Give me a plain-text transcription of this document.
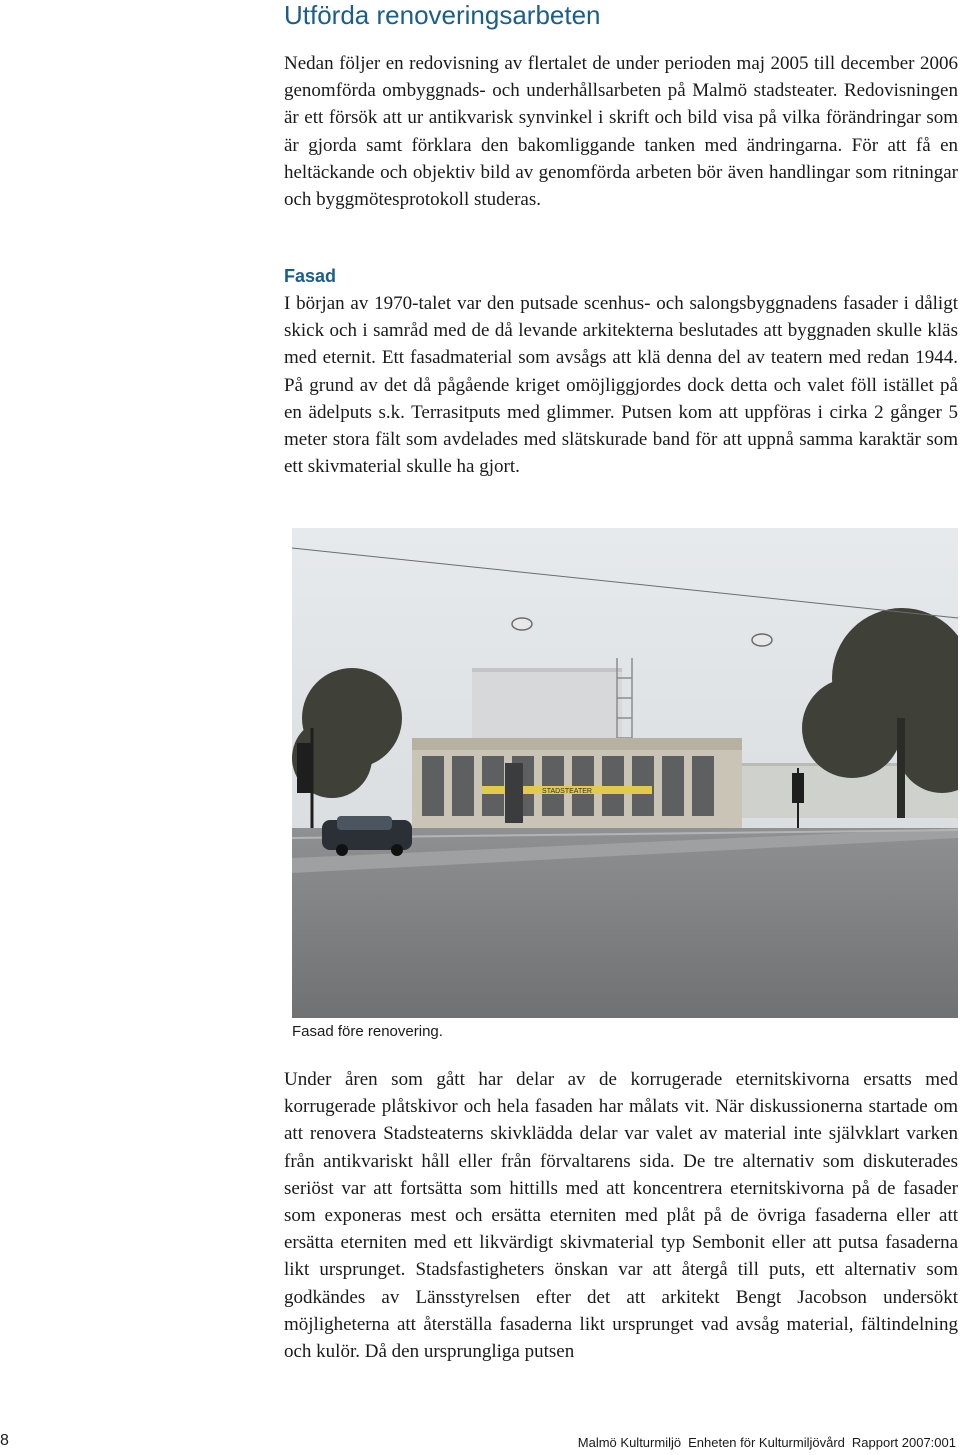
Utförda renoveringsarbeten

Nedan följer en redovisning av flertalet de under perioden maj 2005 till december 2006 genomförda ombyggnads- och underhållsarbeten på Malmö stadsteater. Redovisningen är ett försök att ur antikvarisk synvinkel i skrift och bild visa på vilka förändringar som är gjorda samt förklara den bakomliggande tanken med ändringarna. För att få en heltäckande och objektiv bild av genomförda arbeten bör även handlingar som ritningar och byggmötesprotokoll studeras.

Fasad

I början av 1970-talet var den putsade scenhus- och salongsbyggnadens fasader i dåligt skick och i samråd med de då levande arkitekterna beslutades att byggnaden skulle kläs med eternit. Ett fasadmaterial som avsågs att klä denna del av teatern med redan 1944. På grund av det då pågående kriget omöjliggjordes dock detta och valet föll istället på en ädelputs s.k. Terrasitputs med glimmer. Putsen kom att uppföras i cirka 2 gånger 5 meter stora fält som avdelades med slätskurade band för att uppnå samma karaktär som ett skivmaterial skulle ha gjort.

STADSTEATER

Fasad före renovering.

Under åren som gått har delar av de korrugerade eternitskivorna ersatts med korrugerade plåtskivor och hela fasaden har målats vit. När diskussionerna startade om att renovera Stadsteaterns skivklädda delar var valet av material inte självklart varken från antikvariskt håll eller från förvaltarens sida. De tre alternativ som diskuterades seriöst var att fortsätta som hittills med att koncentrera eternitskivorna på de fasader som exponeras mest och ersätta eterniten med plåt på de övriga fasaderna eller att ersätta eterniten med ett likvärdigt skivmaterial typ Sembonit eller att putsa fasaderna likt ursprunget. Stadsfastigheters önskan var att återgå till puts, ett alternativ som godkändes av Länsstyrelsen efter det att arkitekt Bengt Jacobson undersökt möjligheterna att återställa fasaderna likt ursprunget vad avsåg material, fältindelning och kulör. Då den ursprungliga putsen

8	Malmö Kulturmiljö Enheten för Kulturmiljövård Rapport 2007:001
